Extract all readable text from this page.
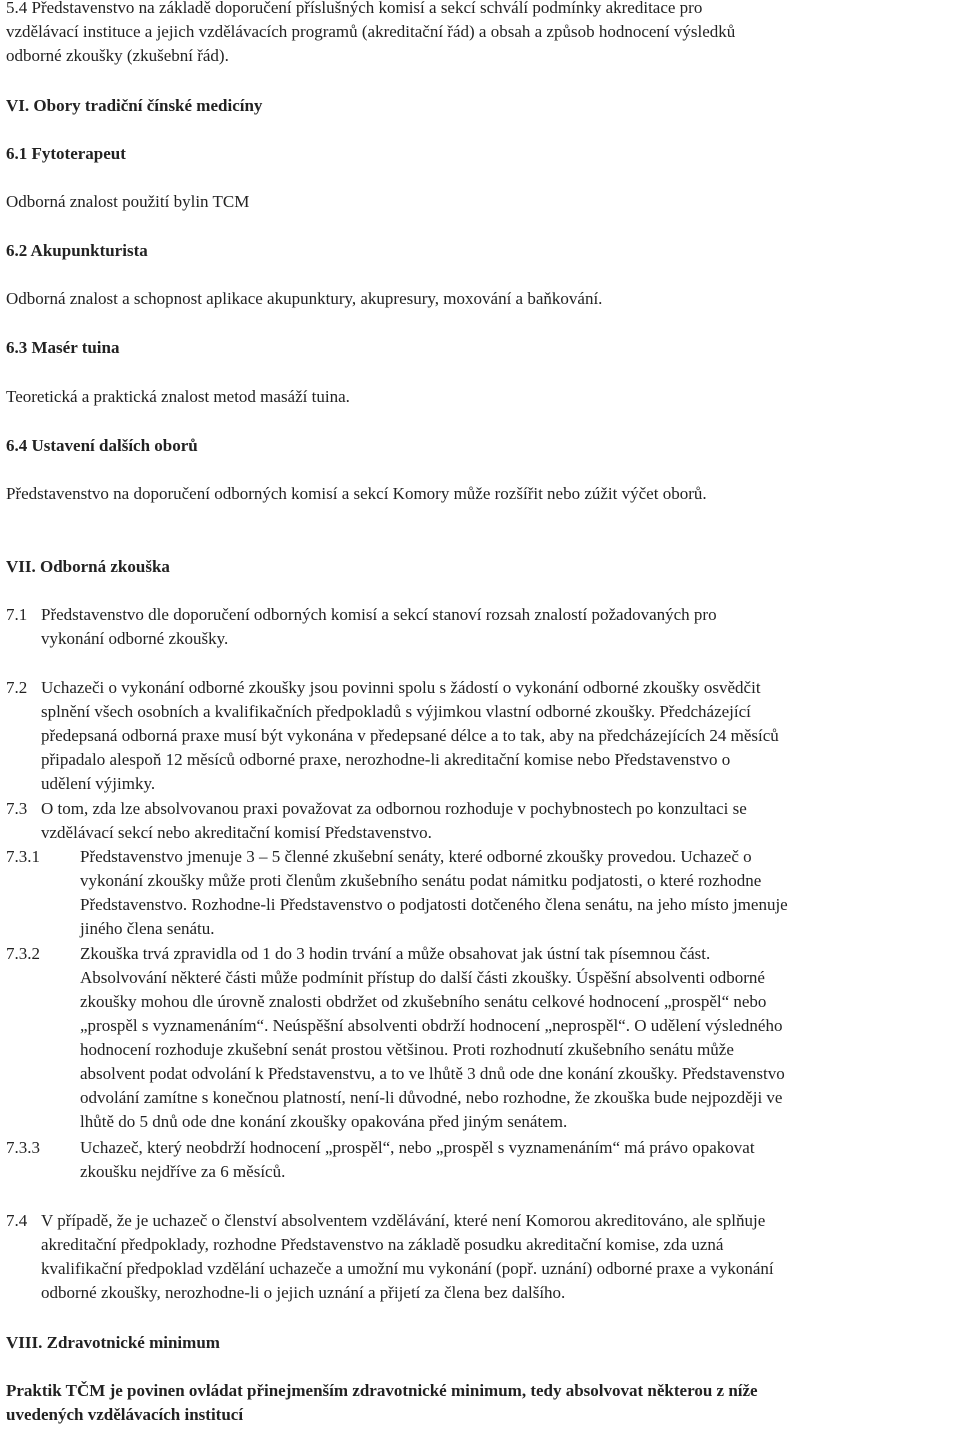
5.4 Představenstvo na základě doporučení příslušných komisí a sekcí schválí podmínky akreditace pro
vzdělávací instituce a jejich vzdělávacích programů (akreditační řád) a obsah a způsob hodnocení výsledků
odborné zkoušky (zkušební řád).
VI. Obory tradiční čínské medicíny
6.1 Fytoterapeut
Odborná znalost použití bylin TCM
6.2 Akupunkturista
Odborná znalost a schopnost aplikace akupunktury, akupresury, moxování a baňkování.
6.3 Masér tuina
Teoretická a praktická znalost metod masáží tuina.
6.4 Ustavení dalších oborů
Představenstvo na doporučení odborných komisí a sekcí Komory může rozšířit nebo zúžit výčet oborů.
VII. Odborná zkouška
7.1 Představenstvo dle doporučení odborných komisí a sekcí stanoví rozsah znalostí požadovaných pro
vykonání odborné zkoušky.
7.2 Uchazeči o vykonání odborné zkoušky jsou povinni spolu s žádostí o vykonání odborné zkoušky osvědčit
splnění všech osobních a kvalifikačních předpokladů s výjimkou vlastní odborné zkoušky. Předcházející
předepsaná odborná praxe musí být vykonána v předepsané délce a to tak, aby na předcházejících 24 měsíců
připadalo alespoň 12 měsíců odborné praxe, nerozhodne-li akreditační komise nebo Představenstvo o
udělení výjimky.
7.3 O tom, zda lze absolvovanou praxi považovat za odbornou rozhoduje v pochybnostech po konzultaci se
vzdělávací sekcí nebo akreditační komisí Představenstvo.
7.3.1 Představenstvo jmenuje 3 – 5 členné zkušební senáty, které odborné zkoušky provedou. Uchazeč o
vykonání zkoušky může proti členům zkušebního senátu podat námitku podjatosti, o které rozhodne
Představenstvo. Rozhodne-li Představenstvo o podjatosti dotčeného člena senátu, na jeho místo jmenuje
jiného člena senátu.
7.3.2 Zkouška trvá zpravidla od 1 do 3 hodin trvání a může obsahovat jak ústní tak písemnou část.
Absolvování některé části může podmínit přístup do další části zkoušky. Úspěšní absolventi odborné
zkoušky mohou dle úrovně znalosti obdržet od zkušebního senátu celkové hodnocení „prospěl“ nebo
„prospěl s vyznamenáním“. Neúspěšní absolventi obdrží hodnocení „neprospěl“. O udělení výsledného
hodnocení rozhoduje zkušební senát prostou většinou. Proti rozhodnutí zkušebního senátu může
absolvent podat odvolání k Představenstvu, a to ve lhůtě 3 dnů ode dne konání zkoušky. Představenstvo
odvolání zamítne s konečnou platností, není-li důvodné, nebo rozhodne, že zkouška bude nejpozději ve
lhůtě do 5 dnů ode dne konání zkoušky opakována před jiným senátem.
7.3.3 Uchazeč, který neobdrží hodnocení „prospěl“, nebo „prospěl s vyznamenáním“ má právo opakovat
zkoušku nejdříve za 6 měsíců.
7.4 V případě, že je uchazeč o členství absolventem vzdělávání, které není Komorou akreditováno, ale splňuje
akreditační předpoklady, rozhodne Představenstvo na základě posudku akreditační komise, zda uzná
kvalifikační předpoklad vzdělání uchazeče a umožní mu vykonání (popř. uznání) odborné praxe a vykonání
odborné zkoušky, nerozhodne-li o jejich uznání a přijetí za člena bez dalšího.
VIII. Zdravotnické minimum
Praktik TČM je povinen ovládat přinejmenším zdravotnické minimum, tedy absolvovat některou z níže
uvedených vzdělávacích institucí
